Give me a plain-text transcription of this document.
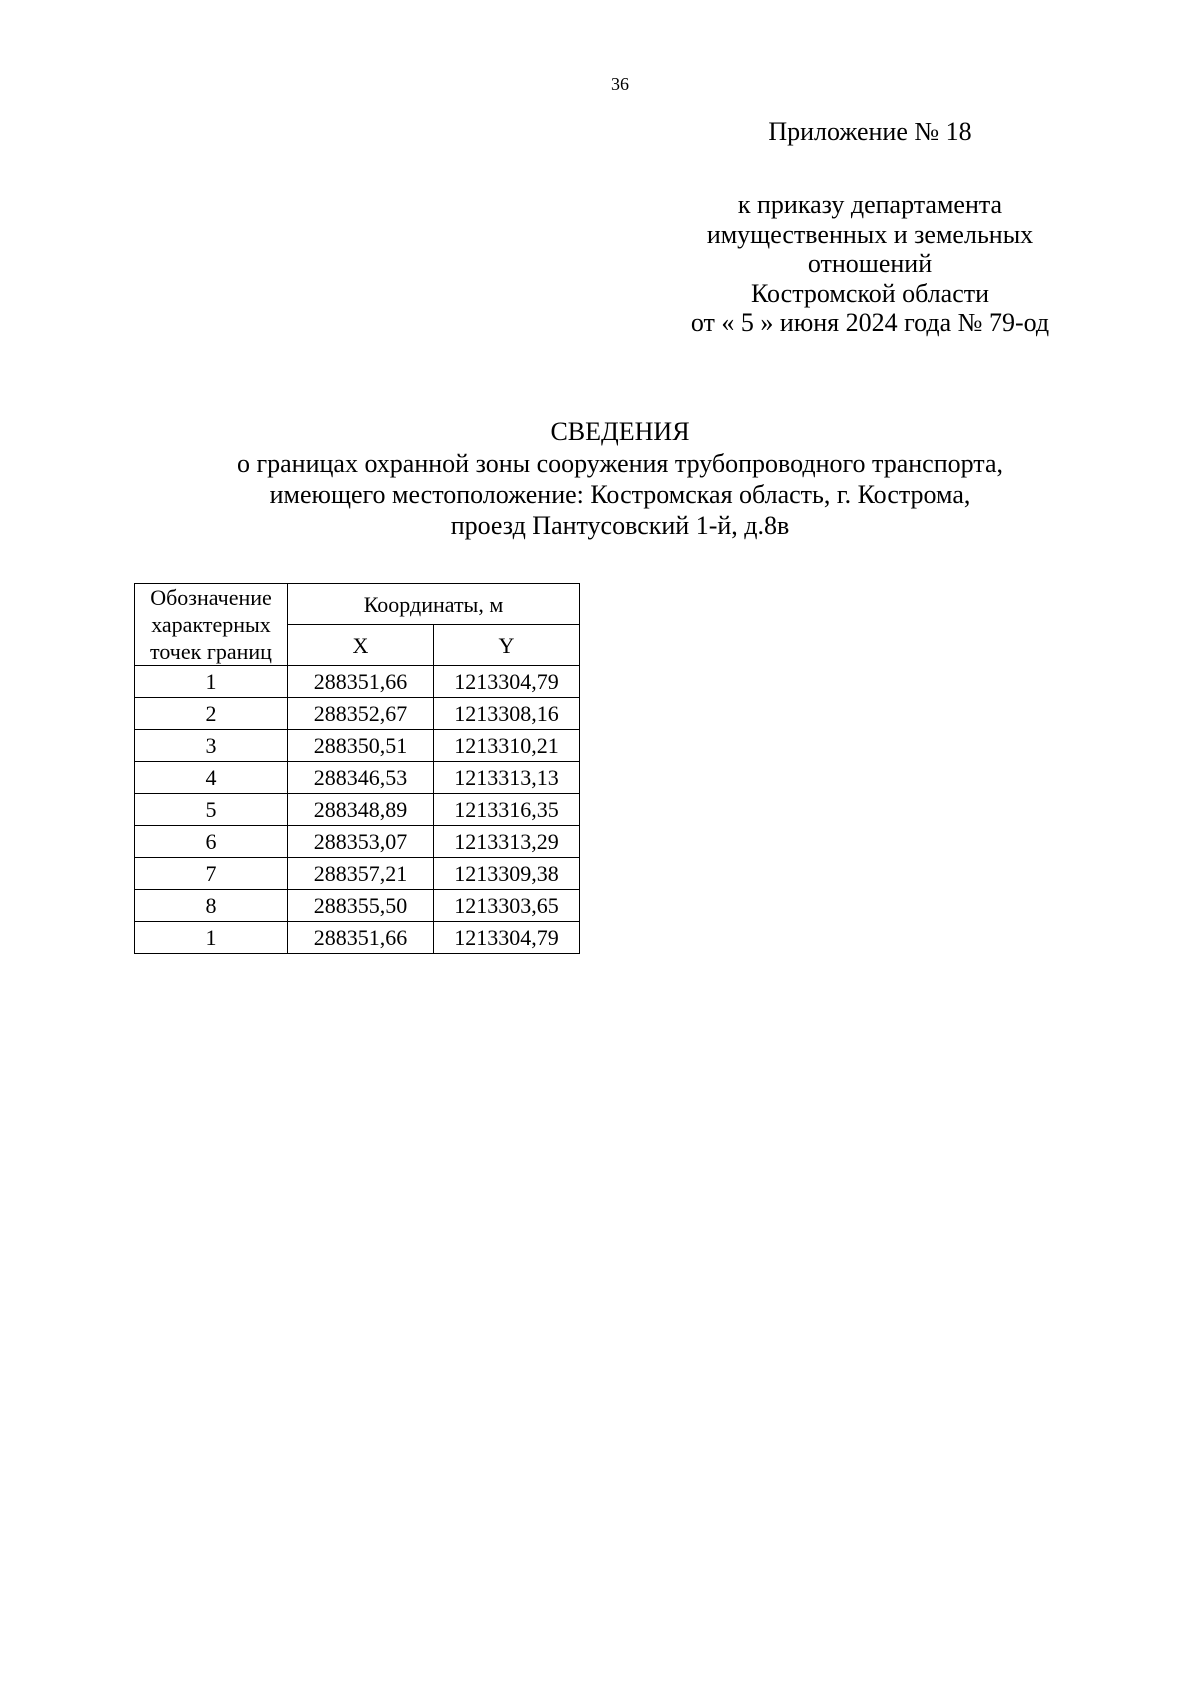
36
Приложение № 18
к приказу департамента
имущественных и земельных
отношений
Костромской области
от « 5 » июня 2024 года № 79-од
СВЕДЕНИЯ
о границах охранной зоны сооружения трубопроводного транспорта,
имеющего местоположение: Костромская область, г. Кострома,
проезд Пантусовский 1-й, д.8в
Обозначение
характерных
точек границ	Координаты, м	
	X	Y
1	288351,66	1213304,79
2	288352,67	1213308,16
3	288350,51	1213310,21
4	288346,53	1213313,13
5	288348,89	1213316,35
6	288353,07	1213313,29
7	288357,21	1213309,38
8	288355,50	1213303,65
1	288351,66	1213304,79
